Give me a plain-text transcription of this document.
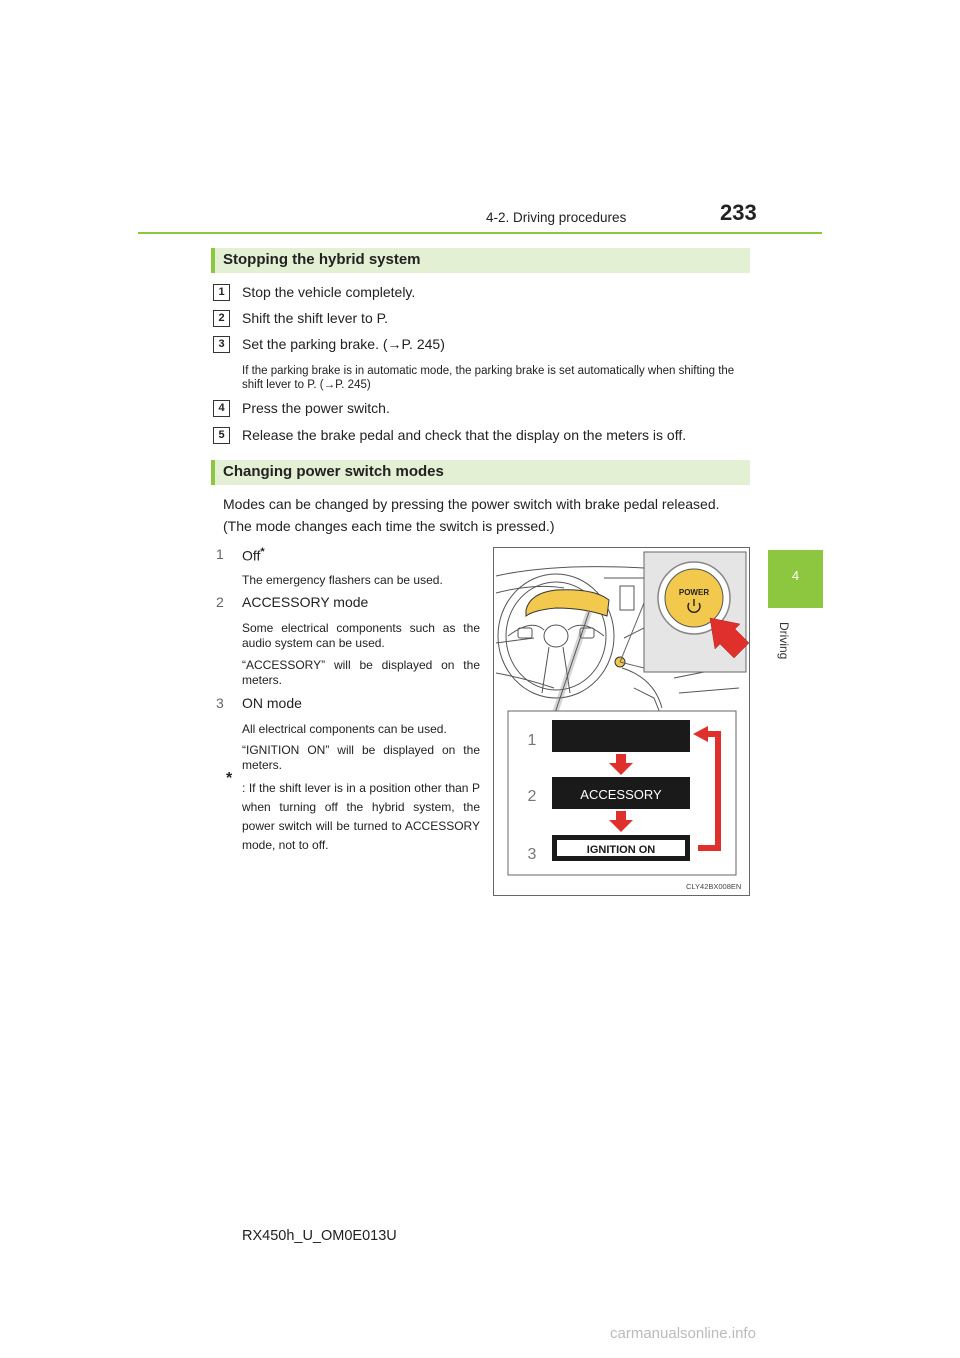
4-2. Driving procedures	233
4
Driving
Stopping the hybrid system
1	Stop the vehicle completely.
2	Shift the shift lever to P.
3	Set the parking brake. (→P. 245)
If the parking brake is in automatic mode, the parking brake is set automatically when shifting the shift lever to P. (→P. 245)
4	Press the power switch.
5	Release the brake pedal and check that the display on the meters is off.
Changing power switch modes
Modes can be changed by pressing the power switch with brake pedal released.
(The mode changes each time the switch is pressed.)
1	Off*
The emergency flashers can be used.
2	ACCESSORY mode
Some electrical components such as the audio system can be used.
“ACCESSORY” will be displayed on the meters.
3	ON mode
All electrical components can be used.
“IGNITION ON” will be displayed on the meters.
*
: If the shift lever is in a position other than P when turning off the hybrid system, the power switch will be turned to ACCESSORY mode, not to off.
POWER
ACCESSORY
IGNITION ON
1
2
3
CLY42BX008EN
RX450h_U_OM0E013U
carmanualsonline.info
